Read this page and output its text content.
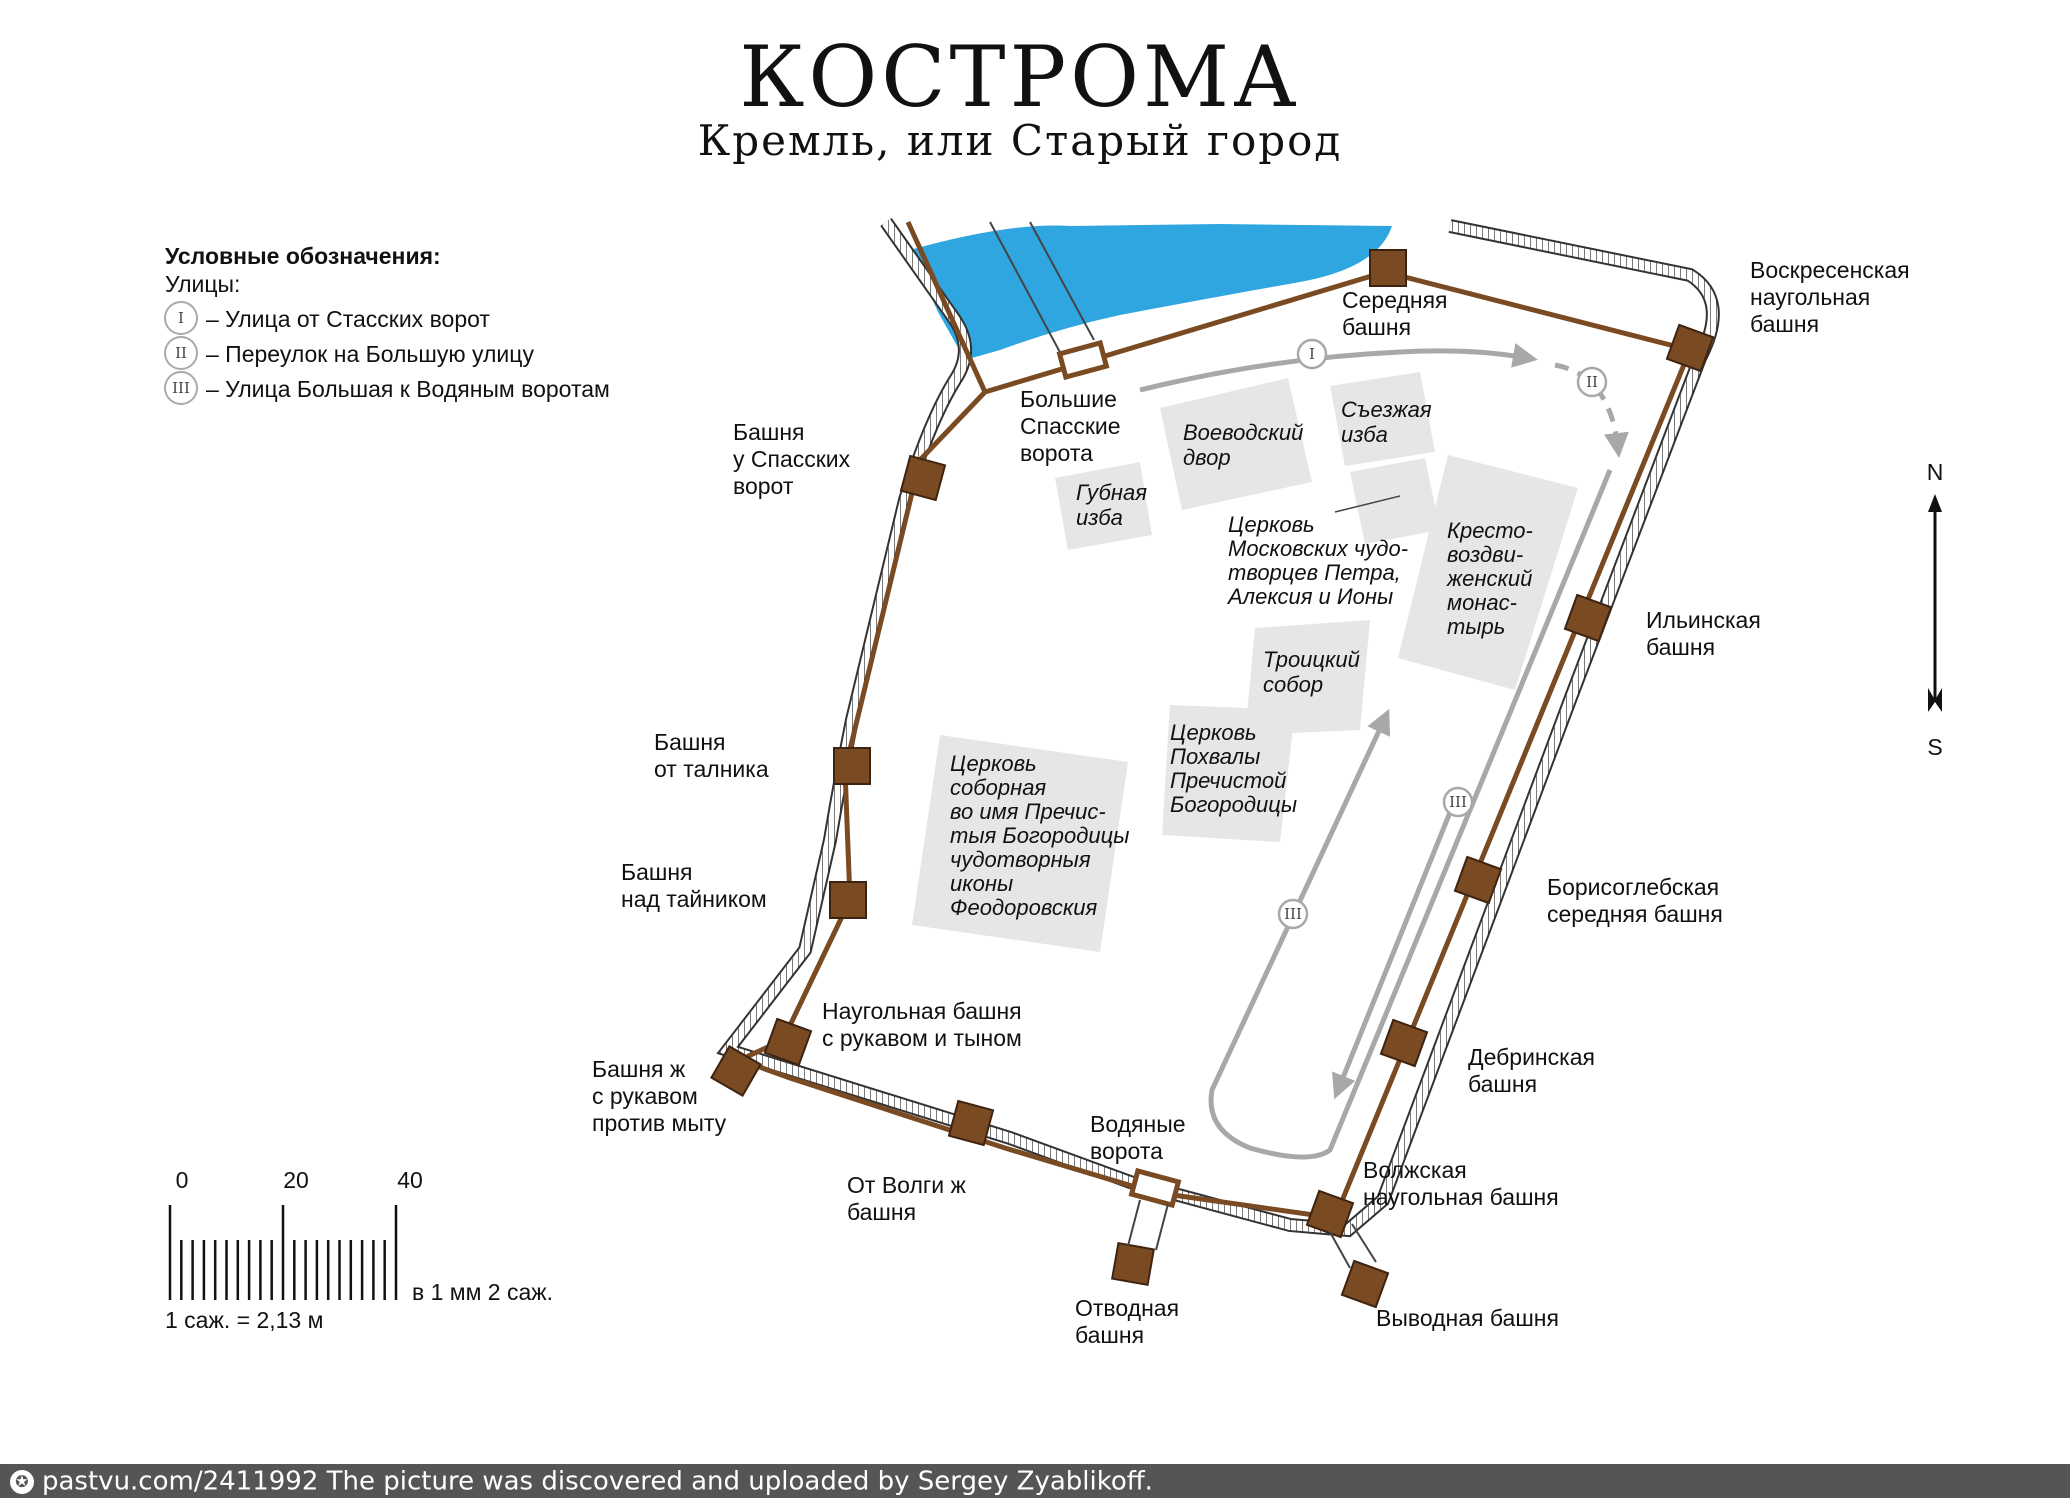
КОСТРОМА
Кремль, или Старый город
I
II
III
III
Середняя башня
Воскресенская наугольная башня
Башня у Спасских ворот
Большие Спасские ворота
Ильинская башня
Башня от талника
Башня над тайником	Борисоглебская середняя башня
Наугольная башня с рукавом и тыном
Дебринская башня
Башня ж с рукавом против мыту	Водяные ворота
От Волги ж башня
Волжская наугольная башня
Отводная башня
Выводная башня
Воеводский двор
Съезжая изба
Губная изба	Церковь Московских чудо-творцев Петра, Алексия и Ионы
Кресто-воздви-женский монас-тырь
Троицкий собор
Церковь Похвалы Пречистой Богородицы
Церковь соборная во имя Пречис-тыя Богородицы чудотворныя иконы Феодоровския
Условные обозначения:
Улицы:
I – Улица от Стасских ворот
II – Переулок на Большую улицу
III – Улица Большая к Водяным воротам
N
S
0	20	40
в 1 мм 2 саж.
1 саж. = 2,13 м
✪ pastvu.com/2411992 The picture was discovered and uploaded by Sergey Zyablikoff.
